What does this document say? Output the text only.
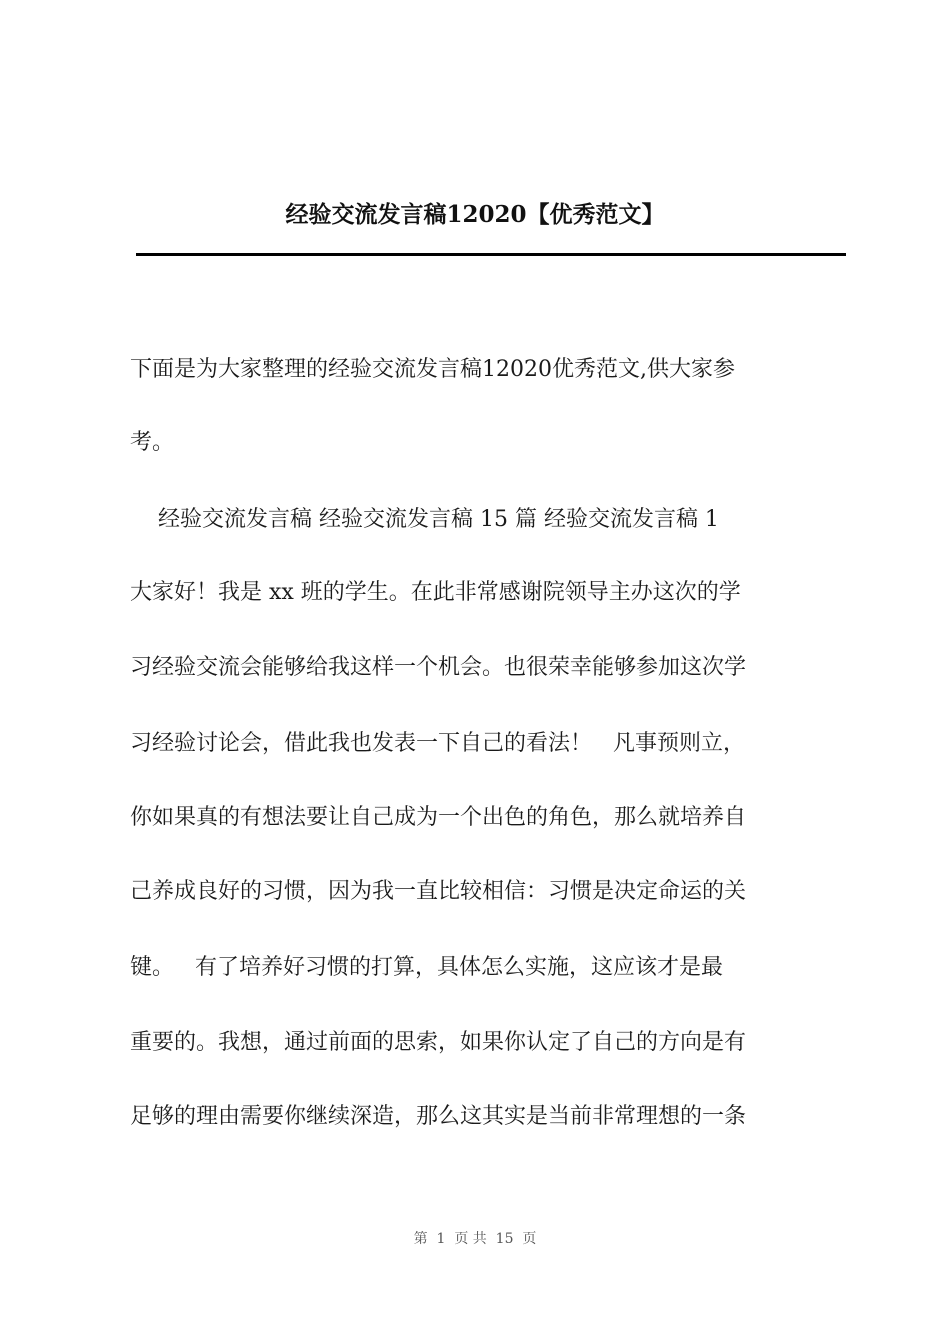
经验交流发言稿12020【优秀范文】
下面是为大家整理的经验交流发言稿12020优秀范文,供大家参
考。
经验交流发言稿 经验交流发言稿 15 篇 经验交流发言稿 1
大家好！我是 xx 班的学生。在此非常感谢院领导主办这次的学
习经验交流会能够给我这样一个机会。也很荣幸能够参加这次学
习经验讨论会，借此我也发表一下自己的看法！   凡事预则立，
你如果真的有想法要让自己成为一个出色的角色，那么就培养自
己养成良好的习惯，因为我一直比较相信：习惯是决定命运的关
键。   有了培养好习惯的打算，具体怎么实施，这应该才是最
重要的。我想，通过前面的思索，如果你认定了自己的方向是有
足够的理由需要你继续深造，那么这其实是当前非常理想的一条
第  1  页 共  15  页
